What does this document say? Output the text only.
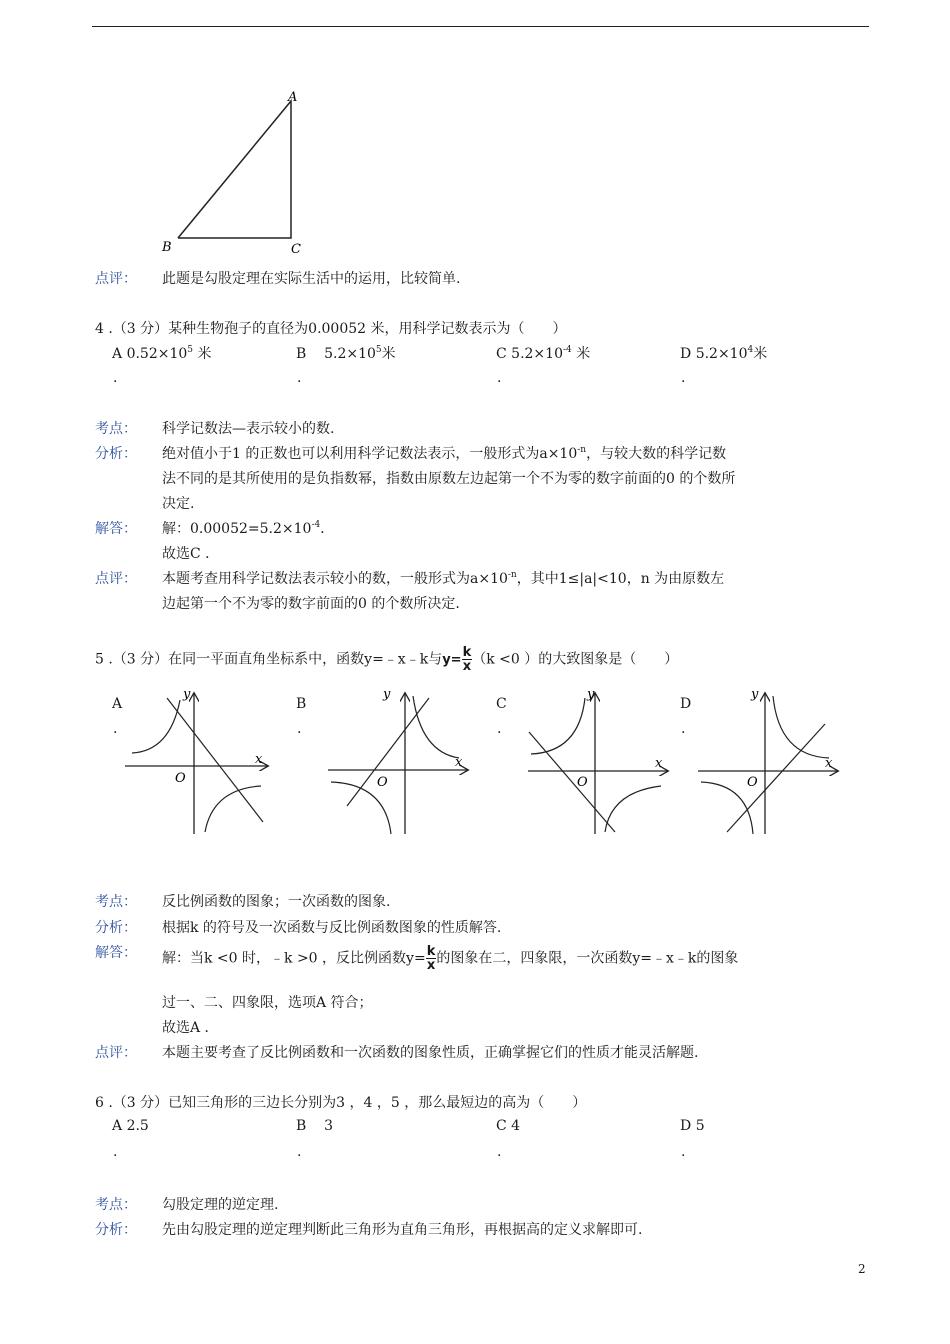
A
B	C
点评： 此题是勾股定理在实际生活中的运用，比较简单.
4 .（3 分）某种生物孢子的直径为0.00052 米，用科学记数表示为（　　）
A $0.52\times 10^5$ 米	B $5.2\times 10^5$米	C $5.2\times 10^{-4}$ 米	D $5.2\times 10^4$米
.	.	.	.
考点： 科学记数法—表示较小的数.
分析： 绝对值小于1 的正数也可以利用科学记数法表示，一般形式为$a\times 10^{-n}$，与较大数的科学记数
法不同的是其所使用的是负指数幂，指数由原数左边起第一个不为零的数字前面的0 的个数所
决定.
解答： 解：$0.00052=5.2\times 10^{-4}$．
故选C ．
点评： 本题考查用科学记数法表示较小的数，一般形式为$a\times 10^{-n}$，其中1≤|a|<10，n 为由原数左
边起第一个不为零的数字前面的0 的个数所决定.
5 .（3 分）在同一平面直角坐标系中，函数y=﹣x﹣k与$y= \frac{k}{x} (k <0$ ）的大致图象是（　　）
A	B	C	D
.	.	.	.
x
y
O
x
y
O
x
y
O
x
y
O
考点： 反比例函数的图象；一次函数的图象.
分析： 根据k 的符号及一次函数与反比例函数图象的性质解答.
解答： 解：当k <0 时，﹣k >0 ，反比例函数$y= \frac{k}{x}$ 的图象在二，四象限，一次函数y=﹣x﹣k的图象
过一、二、四象限，选项A 符合；
故选A ．
点评： 本题主要考查了反比例函数和一次函数的图象性质，正确掌握它们的性质才能灵活解题.
6 .（3 分）已知三角形的三边长分别为3 ，4 ，5 ，那么最短边的高为（　　）
A 2.5	B 3	C 4	D 5
.	.	.	.
考点： 勾股定理的逆定理.
分析： 先由勾股定理的逆定理判断此三角形为直角三角形，再根据高的定义求解即可.
2
